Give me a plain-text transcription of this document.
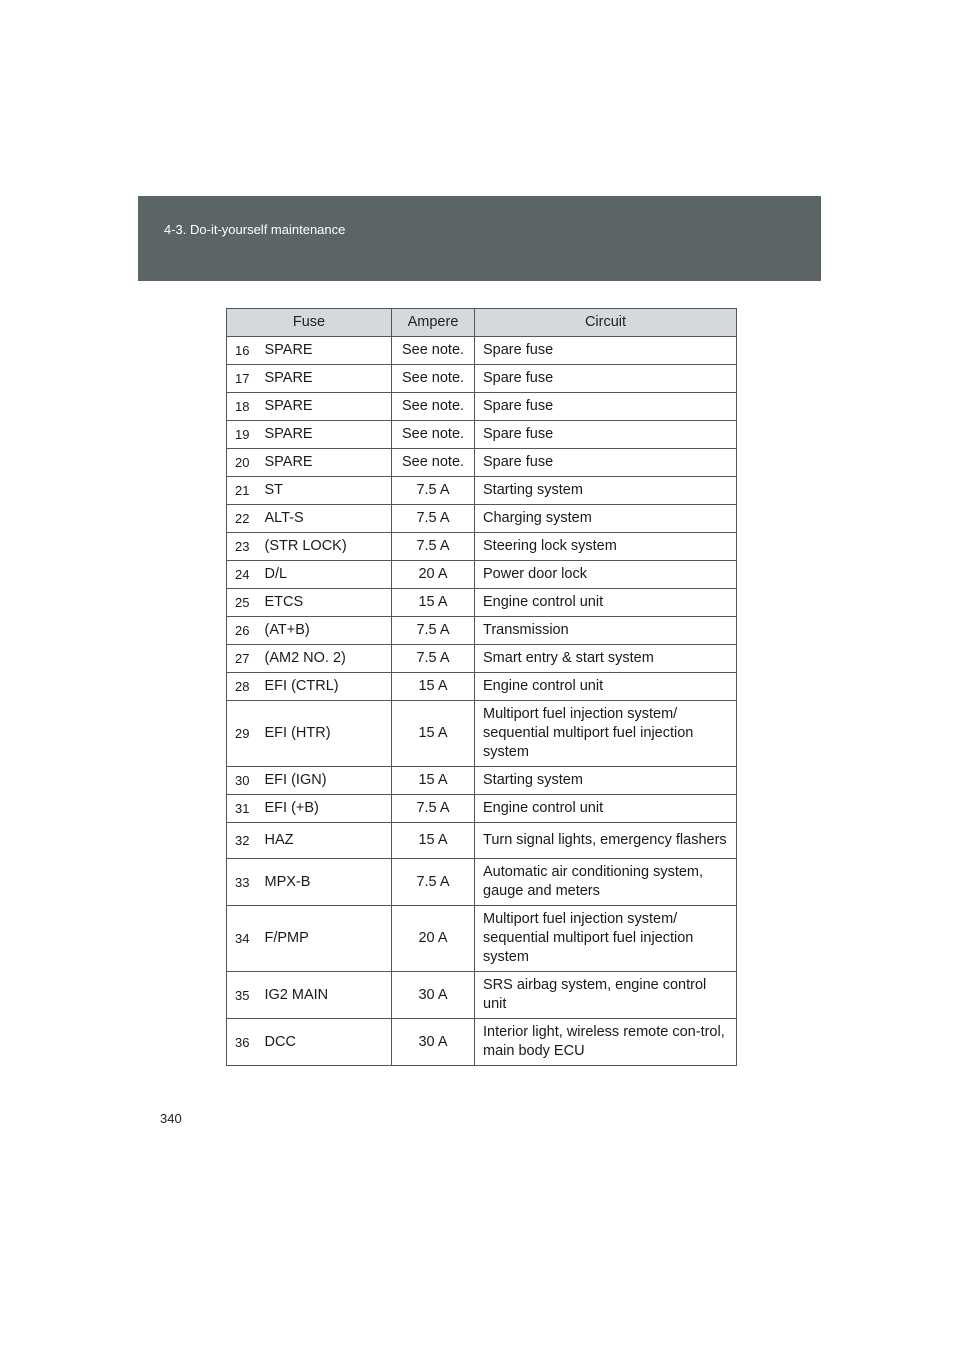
4-3. Do-it-yourself maintenance
Fuse		Ampere	Circuit
16	SPARE	See note.	Spare fuse
17	SPARE	See note.	Spare fuse
18	SPARE	See note.	Spare fuse
19	SPARE	See note.	Spare fuse
20	SPARE	See note.	Spare fuse
21	ST	7.5 A	Starting system
22	ALT-S	7.5 A	Charging system
23	(STR LOCK)	7.5 A	Steering lock system
24	D/L	20 A	Power door lock
25	ETCS	15 A	Engine control unit
26	(AT+B)	7.5 A	Transmission
27	(AM2 NO. 2)	7.5 A	Smart entry & start system
28	EFI (CTRL)	15 A	Engine control unit
29	EFI (HTR)	15 A	Multiport fuel injection system/ sequential multiport fuel injection system
30	EFI (IGN)	15 A	Starting system
31	EFI (+B)	7.5 A	Engine control unit
32	HAZ	15 A	Turn signal lights, emergency flashers
33	MPX-B	7.5 A	Automatic air conditioning system, gauge and meters
34	F/PMP	20 A	Multiport fuel injection system/ sequential multiport fuel injection system
35	IG2 MAIN	30 A	SRS airbag system, engine control unit
36	DCC	30 A	Interior light, wireless remote con-trol, main body ECU
340
